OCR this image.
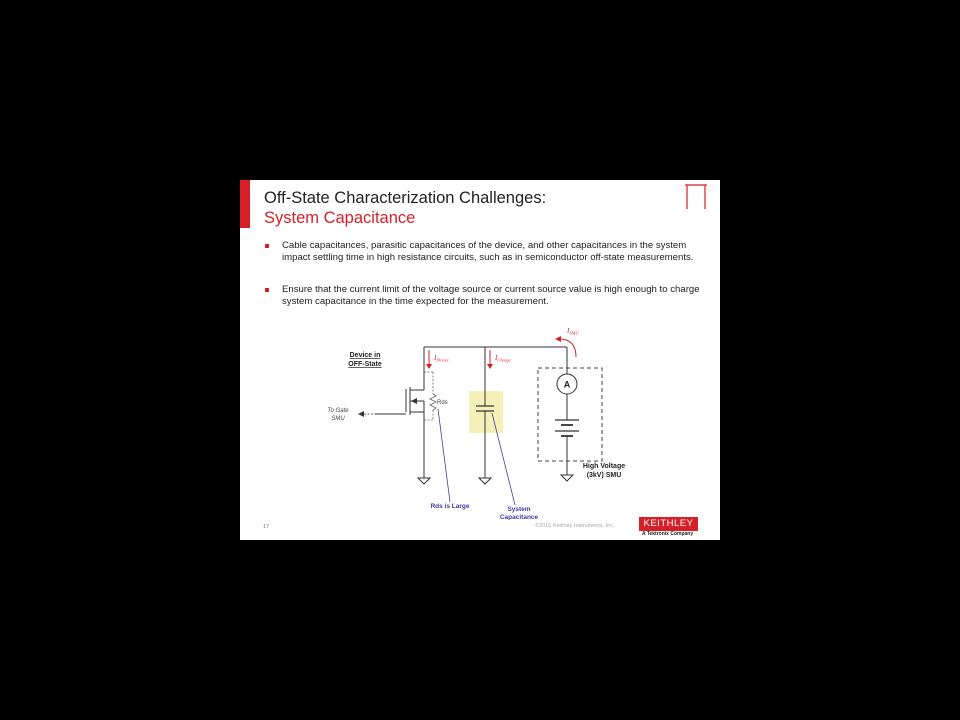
Off-State Characterization Challenges:
System Capacitance
Cable capacitances, parasitic capacitances of the device, and other capacitances in the system impact settling time in high resistance circuits, such as in semiconductor off-state measurements.
Ensure that the current limit of the voltage source or current source value is high enough to charge system capacitance in the time expected for the measurement.
A
IDevice	ICharge
ISMU
Device in
OFF-State
To Gate
SMU
Rds
High Voltage
(3kV) SMU
Rds is Large	System
Capacitance
17	©2016 Keithley Instruments, Inc.	KEITHLEY
A Tektronix Company
